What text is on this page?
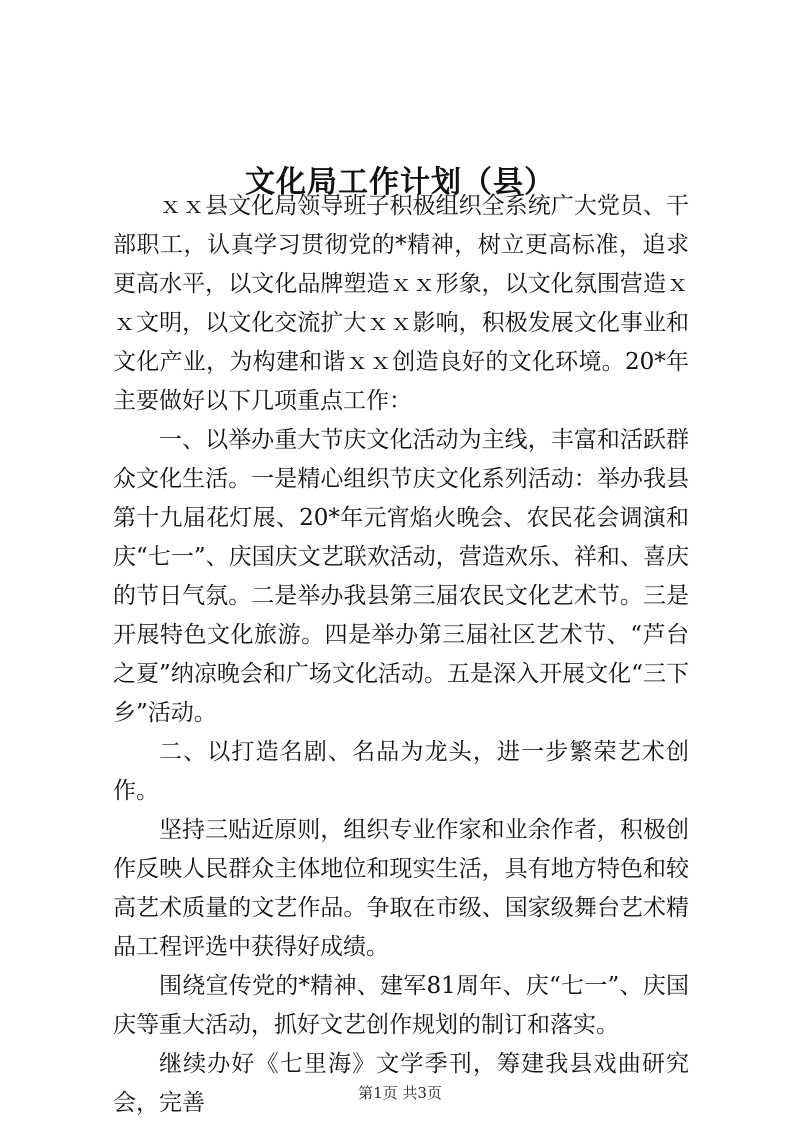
文化局工作计划（县）

ｘｘ县文化局领导班子积极组织全系统广大党员、干部职工，认真学习贯彻党的*精神，树立更高标准，追求更高水平，以文化品牌塑造ｘｘ形象，以文化氛围营造ｘｘ文明，以文化交流扩大ｘｘ影响，积极发展文化事业和文化产业，为构建和谐ｘｘ创造良好的文化环境。20*年主要做好以下几项重点工作：

一、以举办重大节庆文化活动为主线，丰富和活跃群众文化生活。一是精心组织节庆文化系列活动：举办我县第十九届花灯展、20*年元宵焰火晚会、农民花会调演和庆“七一”、庆国庆文艺联欢活动，营造欢乐、祥和、喜庆的节日气氛。二是举办我县第三届农民文化艺术节。三是开展特色文化旅游。四是举办第三届社区艺术节、“芦台之夏”纳凉晚会和广场文化活动。五是深入开展文化“三下乡”活动。

二、以打造名剧、名品为龙头，进一步繁荣艺术创作。

坚持三贴近原则，组织专业作家和业余作者，积极创作反映人民群众主体地位和现实生活，具有地方特色和较高艺术质量的文艺作品。争取在市级、国家级舞台艺术精品工程评选中获得好成绩。

围绕宣传党的*精神、建军81周年、庆“七一”、庆国庆等重大活动，抓好文艺创作规划的制订和落实。

继续办好《七里海》文学季刊，筹建我县戏曲研究会，完善	第1页 共3页
